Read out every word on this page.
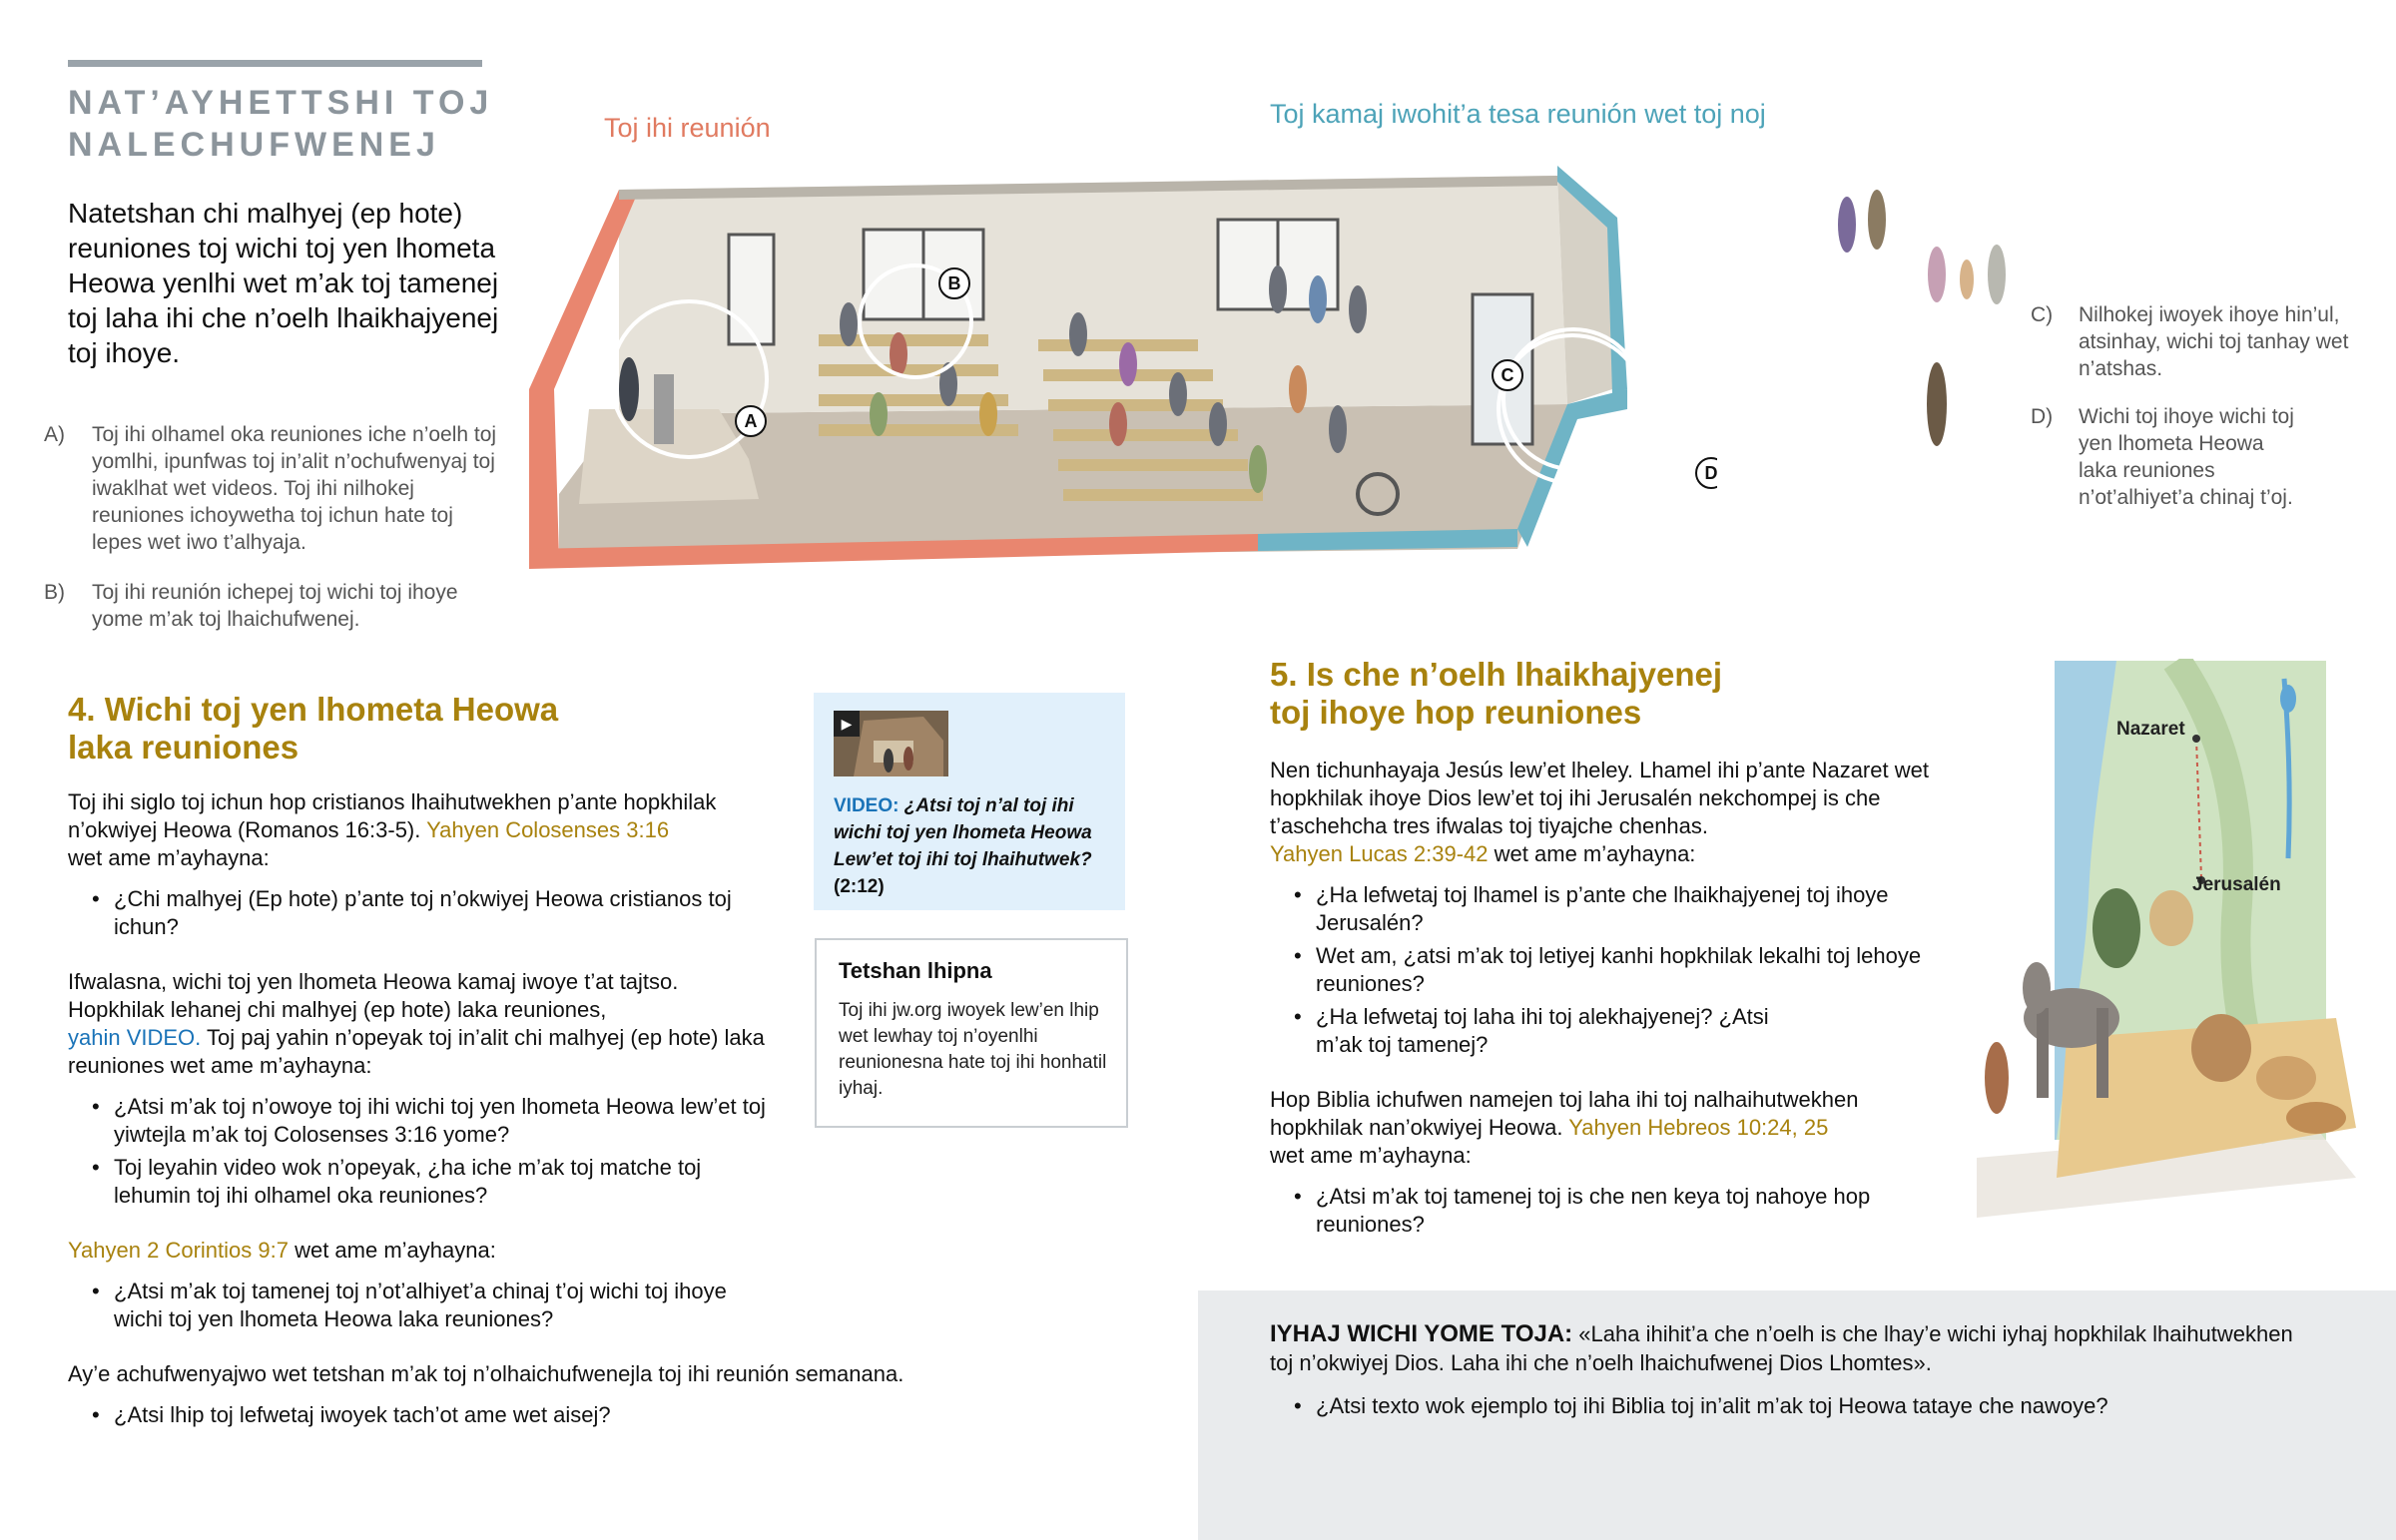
NAT’AYHETTSHI TOJ
NALECHUFWENEJ
Natetshan chi malhyej (ep hote) reuniones toj wichi toj yen lhometa Heowa yenlhi wet m’ak toj tamenej toj laha ihi che n’oelh lhaikhajyenej toj ihoye.
A) Toj ihi olhamel oka reuniones iche n’oelh toj yomlhi, ipunfwas toj in’alit n’ochufwenyaj toj iwaklhat wet videos. Toj ihi nilhokej reuniones ichoywetha toj ichun hate toj lepes wet iwo t’alhyaja.
B) Toj ihi reunión ichepej toj wichi toj ihoye yome m’ak toj lhaichufwenej.
Toj ihi reunión	Toj kamaj iwohit’a tesa reunión wet toj noj
A
B
C
D
C) Nilhokej iwoyek ihoye hin’ul, atsinhay, wichi toj tanhay wet n’atshas.
D) Wichi toj ihoye wichi toj yen lhometa Heowa laka reuniones n’ot’alhiyet’a chinaj t’oj.
4. Wichi toj yen lhometa Heowa
laka reuniones
Toj ihi siglo toj ichun hop cristianos lhaihutwekhen p’ante hopkhilak n’okwiyej Heowa (Romanos 16:3-5). Yahyen Colosenses 3:16
wet ame m’ayhayna:
• ¿Chi malhyej (Ep hote) p’ante toj n’okwiyej Heowa cristianos toj ichun?
Ifwalasna, wichi toj yen lhometa Heowa kamaj iwoye t’at tajtso. Hopkhilak lehanej chi malhyej (ep hote) laka reuniones,
yahin VIDEO. Toj paj yahin n’opeyak toj in’alit chi malhyej (ep hote) laka reuniones wet ame m’ayhayna:
• ¿Atsi m’ak toj n’owoye toj ihi wichi toj yen lhometa Heowa lew’et toj yiwtejla m’ak toj Colosenses 3:16 yome?
• Toj leyahin video wok n’opeyak, ¿ha iche m’ak toj matche toj lehumin toj ihi olhamel oka reuniones?
Yahyen 2 Corintios 9:7 wet ame m’ayhayna:
• ¿Atsi m’ak toj tamenej toj n’ot’alhiyet’a chinaj t’oj wichi toj ihoye wichi toj yen lhometa Heowa laka reuniones?
Ay’e achufwenyajwo wet tetshan m’ak toj n’olhaichufwenejla toj ihi reunión semanana.
• ¿Atsi lhip toj lefwetaj iwoyek tach’ot ame wet aisej?
▶
VIDEO: ¿Atsi toj n’al toj ihi wichi toj yen lhometa Heowa Lew’et toj ihi toj lhaihutwek? (2:12)
Tetshan lhipna
Toj ihi jw.org iwoyek lew’en lhip wet lewhay toj n’oyenlhi reunionesna hate toj ihi honhatil iyhaj.
5. Is che n’oelh lhaikhajyenej
toj ihoye hop reuniones
Nen tichunhayaja Jesús lew’et lheley. Lhamel ihi p’ante Nazaret wet hopkhilak ihoye Dios lew’et toj ihi Jerusalén nekchompej is che t’aschehcha tres ifwalas toj tiyajche chenhas.
Yahyen Lucas 2:39-42 wet ame m’ayhayna:
• ¿Ha lefwetaj toj lhamel is p’ante che lhaikhajyenej toj ihoye Jerusalén?
• Wet am, ¿atsi m’ak toj letiyej kanhi hopkhilak lekalhi toj lehoye reuniones?
• ¿Ha lefwetaj toj laha ihi toj alekhajyenej? ¿Atsi m’ak toj tamenej?
Hop Biblia ichufwen namejen toj laha ihi toj nalhaihutwekhen hopkhilak nan’okwiyej Heowa. Yahyen Hebreos 10:24, 25
wet ame m’ayhayna:
• ¿Atsi m’ak toj tamenej toj is che nen keya toj nahoye hop reuniones?
Nazaret
Jerusalén
IYHAJ WICHI YOME TOJA: «Laha ihihit’a che n’oelh is che lhay’e wichi iyhaj hopkhilak lhaihutwekhen toj n’okwiyej Dios. Laha ihi che n’oelh lhaichufwenej Dios Lhomtes».
• ¿Atsi texto wok ejemplo toj ihi Biblia toj in’alit m’ak toj Heowa tataye che nawoye?
